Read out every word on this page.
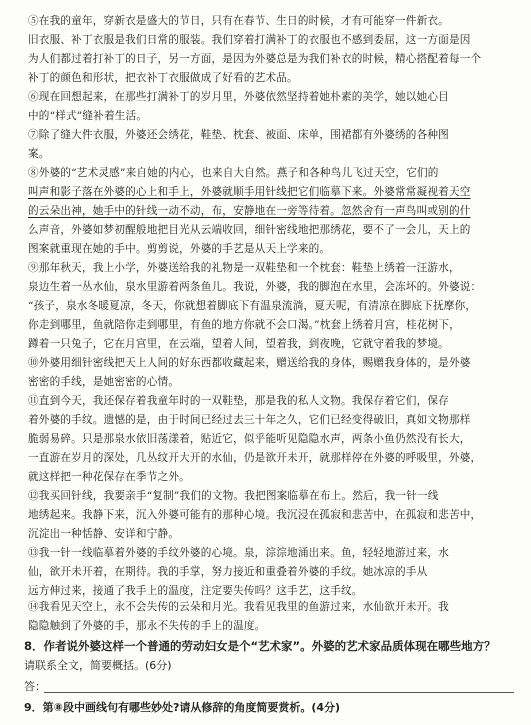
⑤在我的童年，穿新衣是盛大的节日，只有在春节、生日的时候，才有可能穿一件新衣。
旧衣服、补丁衣服是我们日常的服装。我们穿着打满补丁的衣服也不感到委屈，这一方面是因
为人们都过着打补丁的日子，另一方面，是因为外婆总是为我们补衣的时候，精心搭配着每一个
补丁的颜色和形状，把衣补丁衣服做成了好看的艺术品。
⑥现在回想起来，在那些打满补丁的岁月里，外婆依然坚持着她朴素的美学，她以她心目
中的“样式”缝补着生活。
⑦除了缝大件衣服，外婆还会绣花，鞋垫、枕套、被面、床单，围裙都有外婆绣的各种图
案。
⑧外婆的“艺术灵感”来自她的内心，也来自大自然。燕子和各种鸟儿飞过天空，它们的
叫声和影子落在外婆的心上和手上，外婆就顺手用针线把它们临摹下来。外婆常常凝视着天空
的云朵出神，她手中的针线一动不动，布，安静地在一旁等待着。忽然舍有一声鸟叫或别的什
么声音，外婆如梦初醒般地把目光从云端收回，细针密线地把那绣花，要不了一会儿，天上的
图案就重现在她的手中。剪剪说，外婆的手艺是从天上学来的。
⑨那年秋天，我上小学，外婆送给我的礼物是一双鞋垫和一个枕套：鞋垫上绣着一汪游水，
泉边生着一丛水仙，泉水里游着两条鱼儿。我说，外婆，我的脚泡在水里，会冻坏的。外婆说：
“孩子，泉水冬暖夏凉，冬天，你就想着脚底下有温泉流淌，夏天呢，有清凉在脚底下抚摩你，
你走到哪里，鱼就陪你走到哪里，有鱼的地方你就不会口渴。”枕套上绣着月宫，桂花树下，
蹲着一只兔子，它在月宫里，在云端，望着人间，望着我，到夜晚，它就守着我的梦境。
⑩外婆用细针密线把天上人间的好东西都收藏起来，赠送给我的身体，赐赠我身体的，是外婆
密密的手线，是她密密的心情。
⑪直到今天，我还保存着我童年时的一双鞋垫，那是我的私人文物。我保存着它们，保存
着外婆的手纹。遗憾的是，由于时间已经过去三十年之久，它们已经变得破旧，真如文物那样
脆弱易碎。只是那泉水依旧荡漾着，贴近它，似乎能听见隐隐水声，两条小鱼仍然没有长大，
一直游在岁月的深处，几丛纹开大开的水仙，仍是欲开未开，就那样停在外婆的呼吸里，外婆，
就这样把一种花保存在季节之外。
⑫我买回针线，我要亲手“复制”我们的文物。我把图案临摹在布上。然后，我一针一线
地绣起来。我静下来，沉入外婆可能有的那种心境。我沉浸在孤寂和悲苦中，在孤寂和悲苦中，
沉淀出一种恬静、安详和宁静。
⑬我一针一线临摹着外婆的手纹外婆的心境。泉，淙淙地涌出来。鱼，轻轻地游过来，水
仙，欲开未开着，在期待。我的手掌，努力接近和重叠着外婆的手纹。她冰凉的手从
远方伸过来，接通了我手上的温度，注定要失传吗？这手艺，这手纹。
⑭我看见天空上，永不会失传的云朵和月光。我看见我里的鱼游过来，水仙欲开未开。我
隐隐触到了外婆的手，那永不失传的手上的温度。
8．作者说外婆这样一个普通的劳动妇女是个“艺术家”。外婆的艺术家品质体现在哪些地方？
请联系全文，简要概括。(6分)
答：
9．第⑧段中画线句有哪些妙处?请从修辞的角度简要赏析。(4分)
